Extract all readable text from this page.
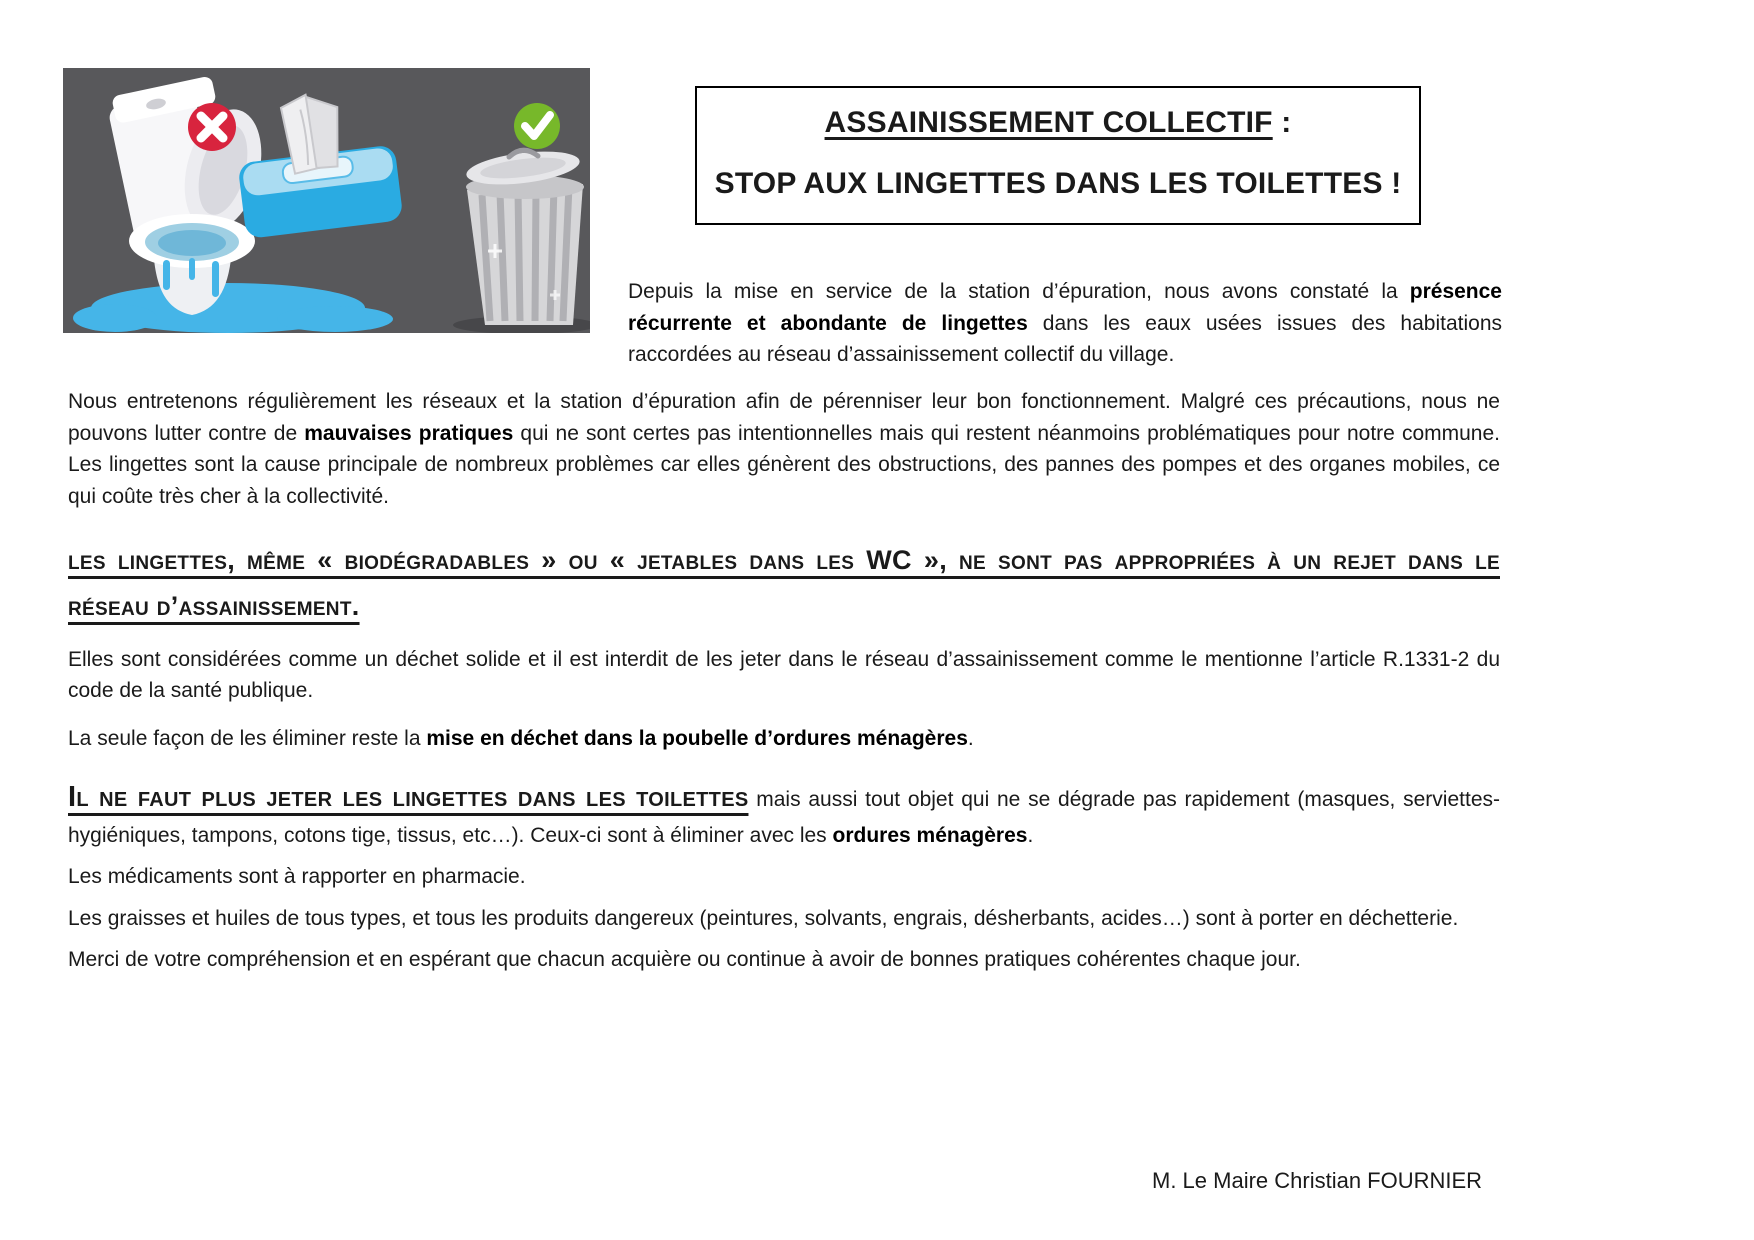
ASSAINISSEMENT COLLECTIF :
STOP AUX LINGETTES DANS LES TOILETTES !

Depuis la mise en service de la station d’épuration, nous avons constaté la présence récurrente et abondante de lingettes dans les eaux usées issues des habitations raccordées au réseau d’assainissement collectif du village.

Nous entretenons régulièrement les réseaux et la station d’épuration afin de pérenniser leur bon fonctionnement. Malgré ces précautions, nous ne pouvons lutter contre de mauvaises pratiques qui ne sont certes pas intentionnelles mais qui restent néanmoins problématiques pour notre commune. Les lingettes sont la cause principale de nombreux problèmes car elles génèrent des obstructions, des pannes des pompes et des organes mobiles, ce qui coûte très cher à la collectivité.

les lingettes, même « biodégradables » ou « jetables dans les WC », ne sont pas appropriées à un rejet dans le réseau d’assainissement.

Elles sont considérées comme un déchet solide et il est interdit de les jeter dans le réseau d’assainissement comme le mentionne l’article R.1331-2 du code de la santé publique.

La seule façon de les éliminer reste la mise en déchet dans la poubelle d’ordures ménagères.

Il ne faut plus jeter les lingettes dans les toilettes mais aussi tout objet qui ne se dégrade pas rapidement (masques, serviettes-hygiéniques, tampons, cotons tige, tissus, etc…). Ceux-ci sont à éliminer avec les ordures ménagères.

Les médicaments sont à rapporter en pharmacie.

Les graisses et huiles de tous types, et tous les produits dangereux (peintures, solvants, engrais, désherbants, acides…) sont à porter en déchetterie.

Merci de votre compréhension et en espérant que chacun acquière ou continue à avoir de bonnes pratiques cohérentes chaque jour.

M. Le Maire Christian FOURNIER
